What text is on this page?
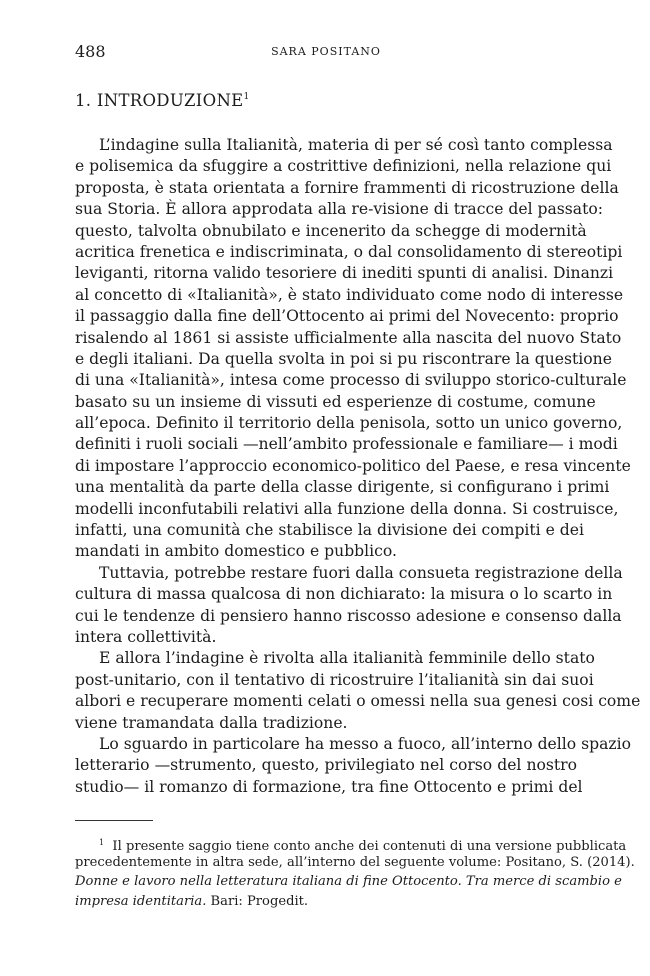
488	SARA POSITANO
1. INTRODUZIONE$^1$
L’indagine sulla Italianità, materia di per sé così tanto complessa
e polisemica da sfuggire a costrittive definizioni, nella relazione qui
proposta, è stata orientata a fornire frammenti di ricostruzione della
sua Storia. È allora approdata alla re-visione di tracce del passato:
questo, talvolta obnubilato e incenerito da schegge di modernità
acritica frenetica e indiscriminata, o dal consolidamento di stereotipi
leviganti, ritorna valido tesoriere di inediti spunti di analisi. Dinanzi
al concetto di «Italianità», è stato individuato come nodo di interesse
il passaggio dalla fine dell’Ottocento ai primi del Novecento: proprio
risalendo al 1861 si assiste ufficialmente alla nascita del nuovo Stato
e degli italiani. Da quella svolta in poi si pu riscontrare la questione
di una «Italianità», intesa come processo di sviluppo storico-culturale
basato su un insieme di vissuti ed esperienze di costume, comune
all’epoca. Definito il territorio della penisola, sotto un unico governo,
definiti i ruoli sociali —nell’ambito professionale e familiare— i modi
di impostare l’approccio economico-politico del Paese, e resa vincente
una mentalità da parte della classe dirigente, si configurano i primi
modelli inconfutabili relativi alla funzione della donna. Si costruisce,
infatti, una comunità che stabilisce la divisione dei compiti e dei
mandati in ambito domestico e pubblico.
Tuttavia, potrebbe restare fuori dalla consueta registrazione della
cultura di massa qualcosa di non dichiarato: la misura o lo scarto in
cui le tendenze di pensiero hanno riscosso adesione e consenso dalla
intera collettività.
E allora l’indagine è rivolta alla italianità femminile dello stato
post-unitario, con il tentativo di ricostruire l’italianità sin dai suoi
albori e recuperare momenti celati o omessi nella sua genesi cosi come
viene tramandata dalla tradizione.
Lo sguardo in particolare ha messo a fuoco, all’interno dello spazio
letterario —strumento, questo, privilegiato nel corso del nostro
studio— il romanzo di formazione, tra fine Ottocento e primi del
$^1$ Il presente saggio tiene conto anche dei contenuti di una versione pubblicata
precedentemente in altra sede, all’interno del seguente volume: Positano, S. (2014).
Donne e lavoro nella letteratura italiana di fine Ottocento. Tra merce di scambio e
impresa identitaria. Bari: Progedit.
